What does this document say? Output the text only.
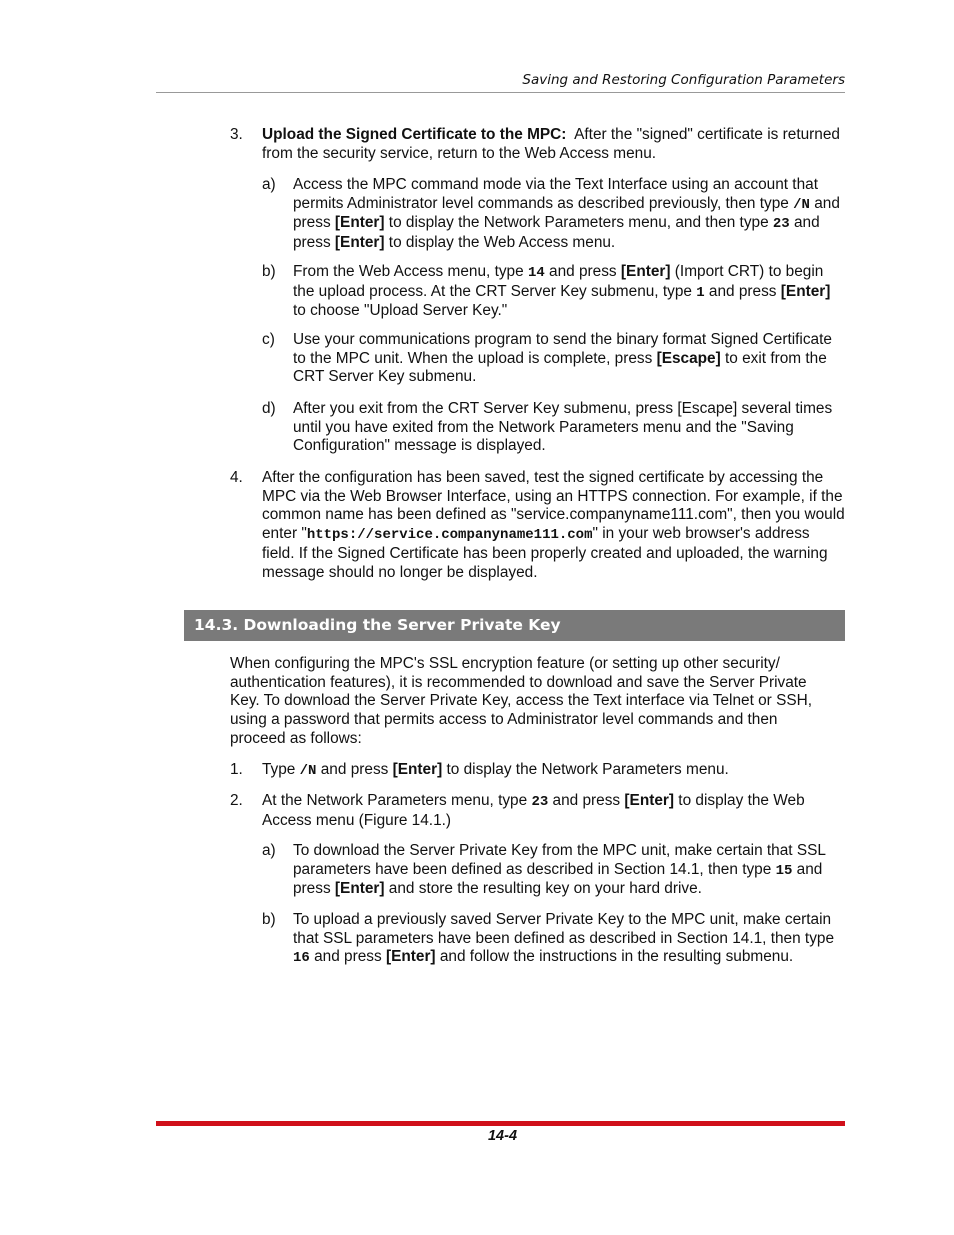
Saving and Restoring Configuration Parameters
3. Upload the Signed Certificate to the MPC: After the "signed" certificate is returned from the security service, return to the Web Access menu.
a) Access the MPC command mode via the Text Interface using an account that permits Administrator level commands as described previously, then type /N and press [Enter] to display the Network Parameters menu, and then type 23 and press [Enter] to display the Web Access menu.
b) From the Web Access menu, type 14 and press [Enter] (Import CRT) to begin the upload process. At the CRT Server Key submenu, type 1 and press [Enter] to choose "Upload Server Key."
c) Use your communications program to send the binary format Signed Certificate to the MPC unit. When the upload is complete, press [Escape] to exit from the CRT Server Key submenu.
d) After you exit from the CRT Server Key submenu, press [Escape] several times until you have exited from the Network Parameters menu and the "Saving Configuration" message is displayed.
4. After the configuration has been saved, test the signed certificate by accessing the MPC via the Web Browser Interface, using an HTTPS connection. For example, if the common name has been defined as "service.companyname111.com", then you would enter "https://service.companyname111.com" in your web browser's address field. If the Signed Certificate has been properly created and uploaded, the warning message should no longer be displayed.
14.3. Downloading the Server Private Key
When configuring the MPC's SSL encryption feature (or setting up other security/ authentication features), it is recommended to download and save the Server Private Key. To download the Server Private Key, access the Text interface via Telnet or SSH, using a password that permits access to Administrator level commands and then proceed as follows:
1. Type /N and press [Enter] to display the Network Parameters menu.
2. At the Network Parameters menu, type 23 and press [Enter] to display the Web Access menu (Figure 14.1.)
a) To download the Server Private Key from the MPC unit, make certain that SSL parameters have been defined as described in Section 14.1, then type 15 and press [Enter] and store the resulting key on your hard drive.
b) To upload a previously saved Server Private Key to the MPC unit, make certain that SSL parameters have been defined as described in Section 14.1, then type 16 and press [Enter] and follow the instructions in the resulting submenu.
14-4
